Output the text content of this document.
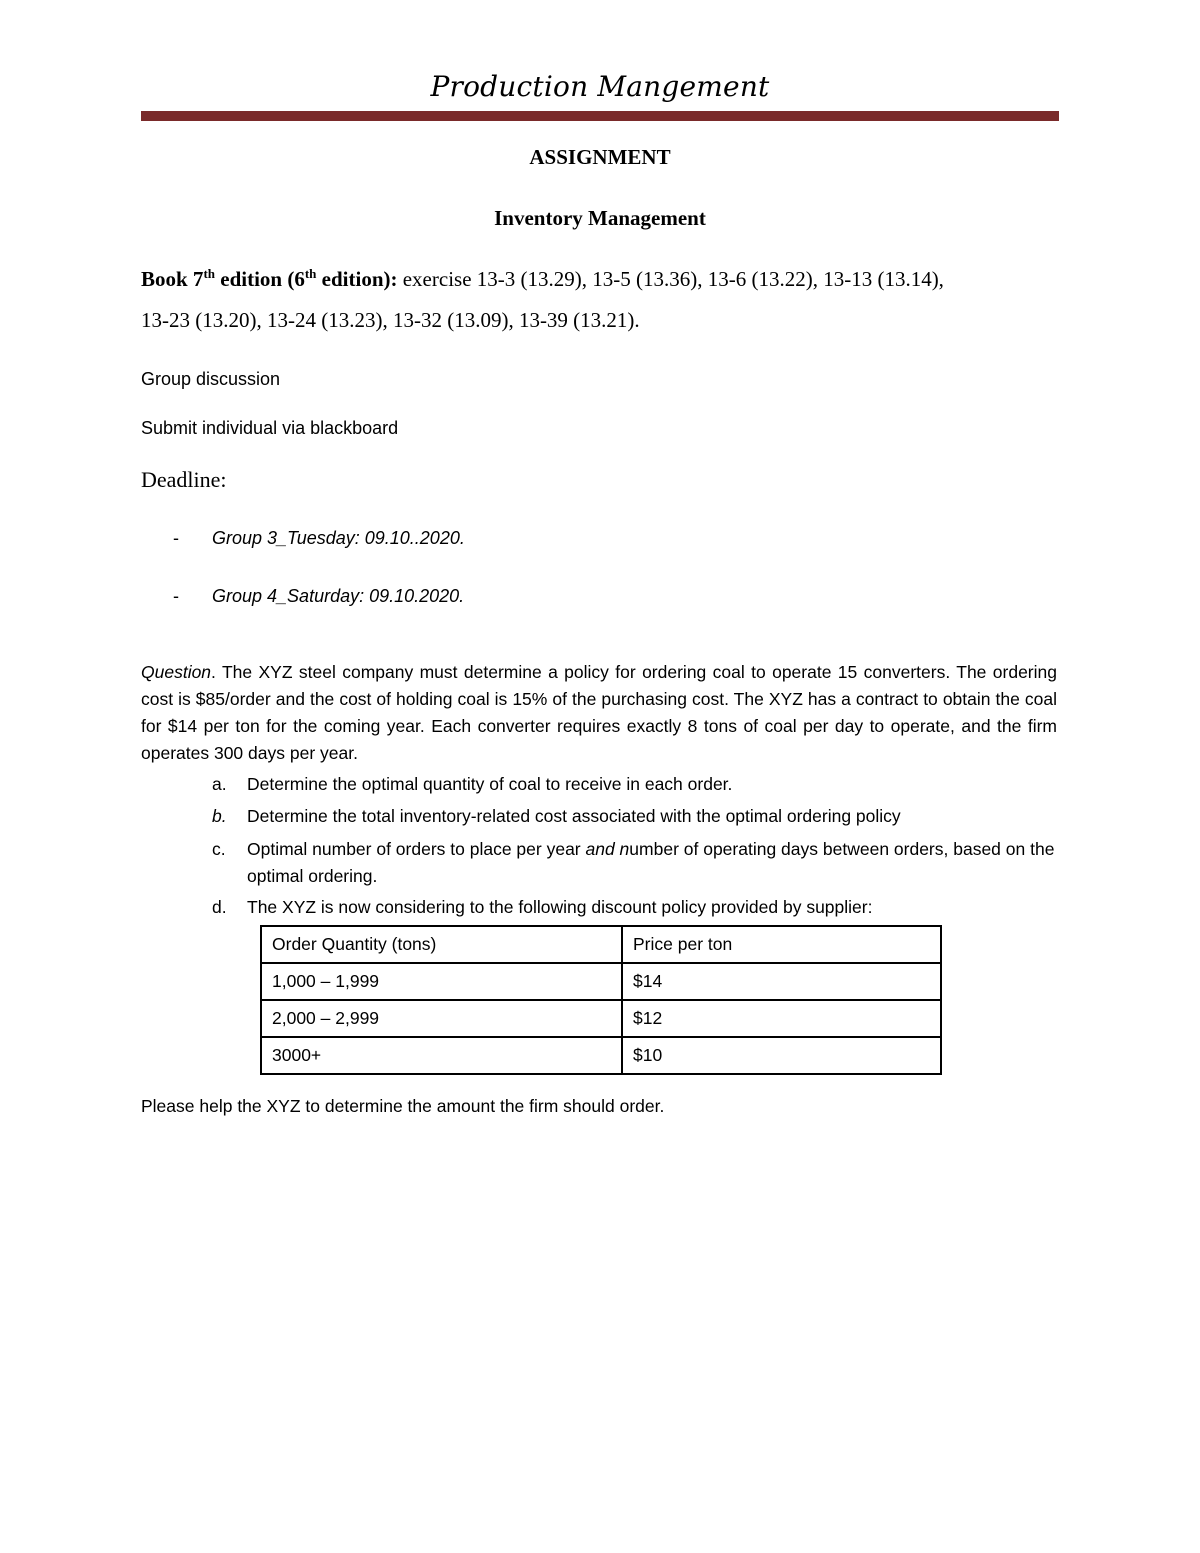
Production Mangement
ASSIGNMENT
Inventory Management
Book 7th edition (6th edition): exercise 13-3 (13.29), 13-5 (13.36), 13-6 (13.22), 13-13 (13.14),
13-23 (13.20), 13-24 (13.23), 13-32 (13.09), 13-39 (13.21).
Group discussion
Submit individual via blackboard
Deadline:
- Group 3_Tuesday: 09.10..2020.
- Group 4_Saturday: 09.10.2020.
Question. The XYZ steel company must determine a policy for ordering coal to operate 15 converters. The ordering cost is $85/order and the cost of holding coal is 15% of the purchasing cost. The XYZ has a contract to obtain the coal for $14 per ton for the coming year. Each converter requires exactly 8 tons of coal per day to operate, and the firm operates 300 days per year.
a. Determine the optimal quantity of coal to receive in each order.
b. Determine the total inventory-related cost associated with the optimal ordering policy
c. Optimal number of orders to place per year and number of operating days between orders, based on the optimal ordering.
d. The XYZ is now considering to the following discount policy provided by supplier:
Order Quantity (tons)	Price per ton
1,000 – 1,999	$14
2,000 – 2,999	$12
3000+	$10
Please help the XYZ to determine the amount the firm should order.
